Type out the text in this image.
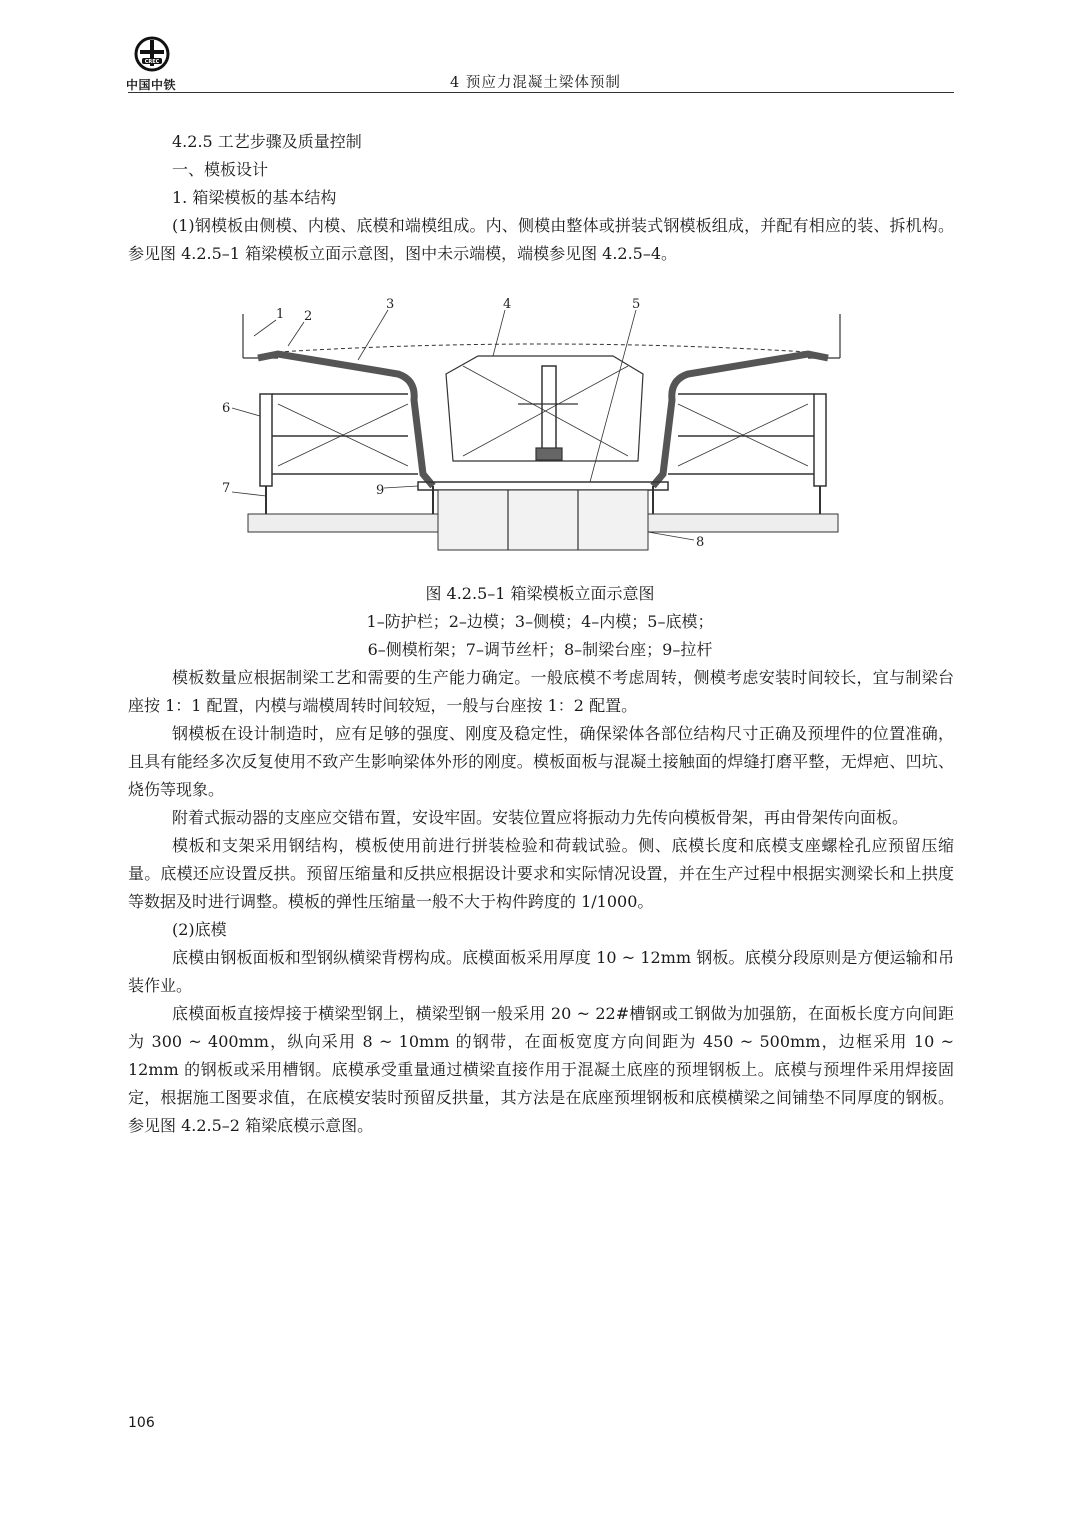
CREC
中国中铁	4 预应力混凝土梁体预制

4.2.5 工艺步骤及质量控制

一、模板设计

1. 箱梁模板的基本结构

(1)钢模板由侧模、内模、底模和端模组成。内、侧模由整体或拼装式钢模板组成，并配有相应的装、拆机构。参见图 4.2.5–1 箱梁模板立面示意图，图中未示端模，端模参见图 4.2.5–4。

1 2
3	4	5
6
7
8
9

图 4.2.5–1 箱梁模板立面示意图

1–防护栏；2–边模；3–侧模；4–内模；5–底模；

6–侧模桁架；7–调节丝杆；8–制梁台座；9–拉杆

模板数量应根据制梁工艺和需要的生产能力确定。一般底模不考虑周转，侧模考虑安装时间较长，宜与制梁台座按 1：1 配置，内模与端模周转时间较短，一般与台座按 1：2 配置。

钢模板在设计制造时，应有足够的强度、刚度及稳定性，确保梁体各部位结构尺寸正确及预埋件的位置准确，且具有能经多次反复使用不致产生影响梁体外形的刚度。模板面板与混凝土接触面的焊缝打磨平整，无焊疤、凹坑、烧伤等现象。

附着式振动器的支座应交错布置，安设牢固。安装位置应将振动力先传向模板骨架，再由骨架传向面板。

模板和支架采用钢结构，模板使用前进行拼装检验和荷载试验。侧、底模长度和底模支座螺栓孔应预留压缩量。底模还应设置反拱。预留压缩量和反拱应根据设计要求和实际情况设置，并在生产过程中根据实测梁长和上拱度等数据及时进行调整。模板的弹性压缩量一般不大于构件跨度的 1/1000。

(2)底模

底模由钢板面板和型钢纵横梁背楞构成。底模面板采用厚度 10 ~ 12mm 钢板。底模分段原则是方便运输和吊装作业。

底模面板直接焊接于横梁型钢上，横梁型钢一般采用 20 ~ 22#槽钢或工钢做为加强筋，在面板长度方向间距为 300 ~ 400mm，纵向采用 8 ~ 10mm 的钢带，在面板宽度方向间距为 450 ~ 500mm，边框采用 10 ~ 12mm 的钢板或采用槽钢。底模承受重量通过横梁直接作用于混凝土底座的预埋钢板上。底模与预埋件采用焊接固定，根据施工图要求值，在底模安装时预留反拱量，其方法是在底座预埋钢板和底模横梁之间铺垫不同厚度的钢板。参见图 4.2.5–2 箱梁底模示意图。

106
